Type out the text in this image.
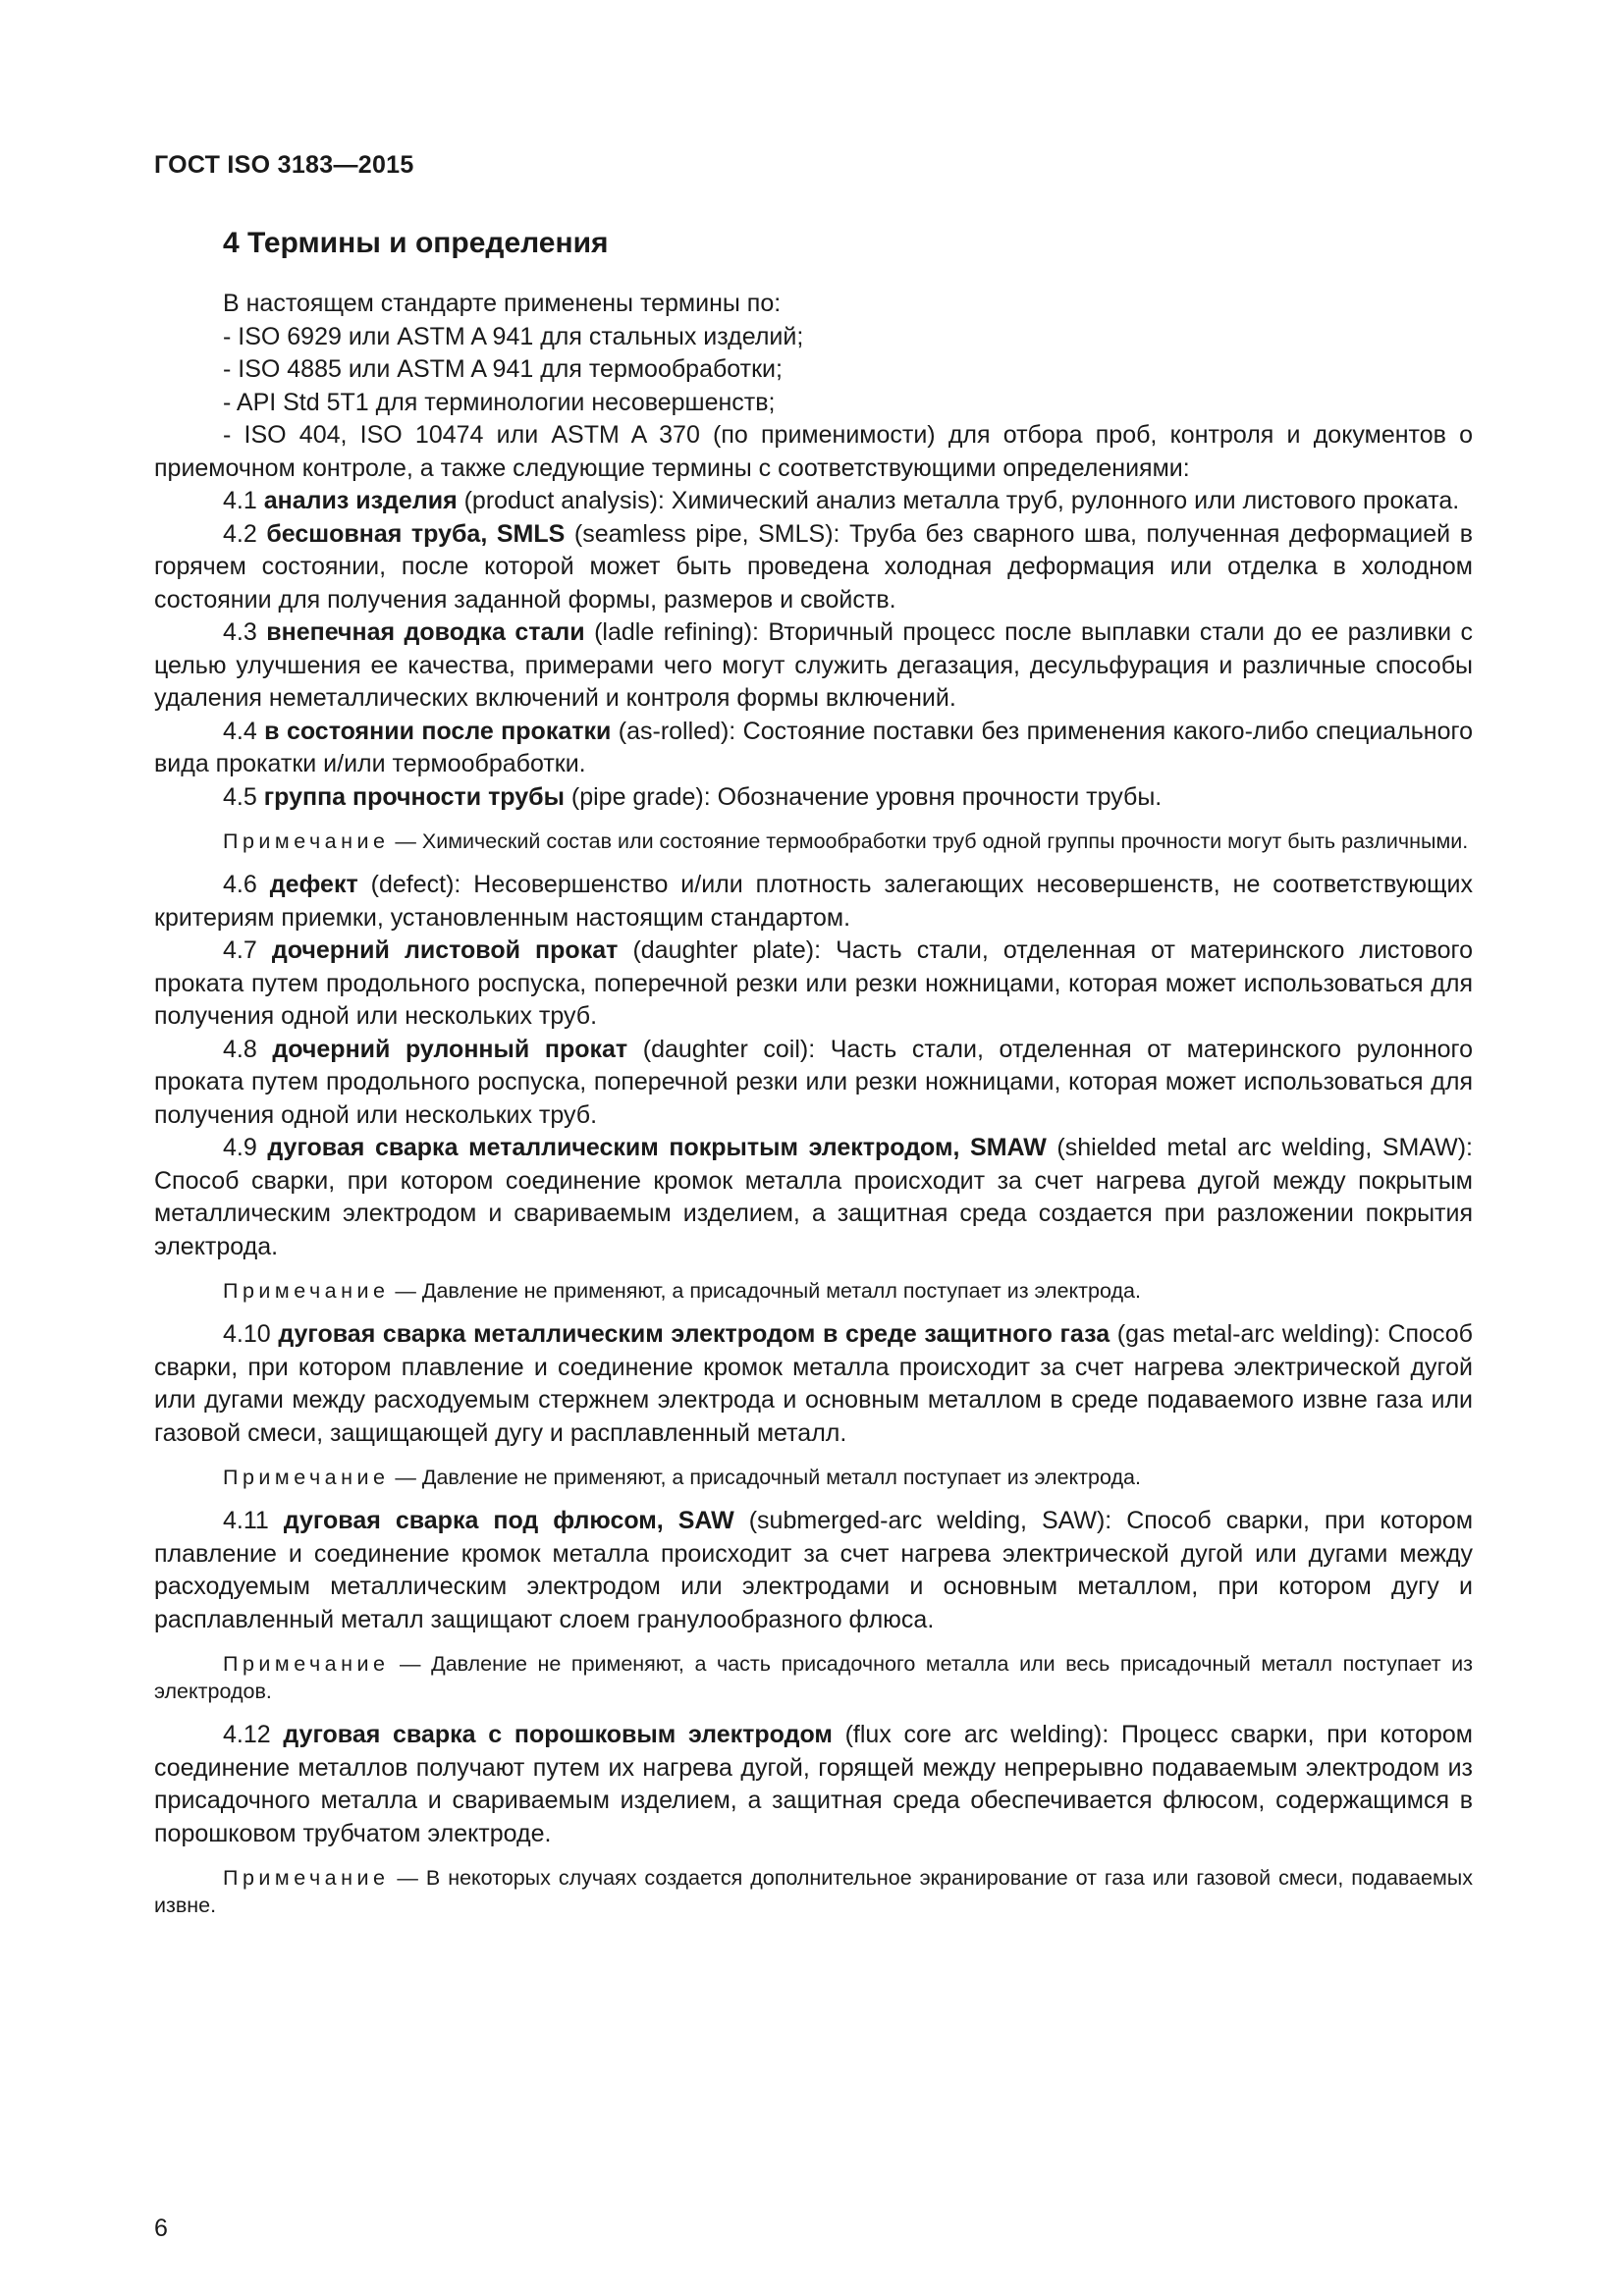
ГОСТ ISO 3183—2015
4 Термины и определения

В настоящем стандарте применены термины по:

- ISO 6929 или ASTM A 941 для стальных изделий;

- ISO 4885 или ASTM A 941 для термообработки;

- API Std 5T1 для терминологии несовершенств;

- ISO 404, ISO 10474 или ASTM A 370 (по применимости) для отбора проб, контроля и документов о приемочном контроле, а также следующие термины с соответствующими определениями:

4.1 анализ изделия (product analysis): Химический анализ металла труб, рулонного или листового проката.

4.2 бесшовная труба, SMLS (seamless pipe, SMLS): Труба без сварного шва, полученная деформацией в горячем состоянии, после которой может быть проведена холодная деформация или отделка в холодном состоянии для получения заданной формы, размеров и свойств.

4.3 внепечная доводка стали (ladle refining): Вторичный процесс после выплавки стали до ее разливки с целью улучшения ее качества, примерами чего могут служить дегазация, десульфурация и различные способы удаления неметаллических включений и контроля формы включений.

4.4 в состоянии после прокатки (as-rolled): Состояние поставки без применения какого-либо специального вида прокатки и/или термообработки.

4.5 группа прочности трубы (pipe grade): Обозначение уровня прочности трубы.

Примечание — Химический состав или состояние термообработки труб одной группы прочности могут быть различными.

4.6 дефект (defect): Несовершенство и/или плотность залегающих несовершенств, не соответствующих критериям приемки, установленным настоящим стандартом.

4.7 дочерний листовой прокат (daughter plate): Часть стали, отделенная от материнского листового проката путем продольного роспуска, поперечной резки или резки ножницами, которая может использоваться для получения одной или нескольких труб.

4.8 дочерний рулонный прокат (daughter coil): Часть стали, отделенная от материнского рулонного проката путем продольного роспуска, поперечной резки или резки ножницами, которая может использоваться для получения одной или нескольких труб.

4.9 дуговая сварка металлическим покрытым электродом, SMAW (shielded metal arc welding, SMAW): Способ сварки, при котором соединение кромок металла происходит за счет нагрева дугой между покрытым металлическим электродом и свариваемым изделием, а защитная среда создается при разложении покрытия электрода.

Примечание — Давление не применяют, а присадочный металл поступает из электрода.

4.10 дуговая сварка металлическим электродом в среде защитного газа (gas metal-arc welding): Способ сварки, при котором плавление и соединение кромок металла происходит за счет нагрева электрической дугой или дугами между расходуемым стержнем электрода и основным металлом в среде подаваемого извне газа или газовой смеси, защищающей дугу и расплавленный металл.

Примечание — Давление не применяют, а присадочный металл поступает из электрода.

4.11 дуговая сварка под флюсом, SAW (submerged-arc welding, SAW): Способ сварки, при котором плавление и соединение кромок металла происходит за счет нагрева электрической дугой или дугами между расходуемым металлическим электродом или электродами и основным металлом, при котором дугу и расплавленный металл защищают слоем гранулообразного флюса.

Примечание — Давление не применяют, а часть присадочного металла или весь присадочный металл поступает из электродов.

4.12 дуговая сварка с порошковым электродом (flux core arc welding): Процесс сварки, при котором соединение металлов получают путем их нагрева дугой, горящей между непрерывно подаваемым электродом из присадочного металла и свариваемым изделием, а защитная среда обеспечивается флюсом, содержащимся в порошковом трубчатом электроде.

Примечание — В некоторых случаях создается дополнительное экранирование от газа или газовой смеси, подаваемых извне.

6
